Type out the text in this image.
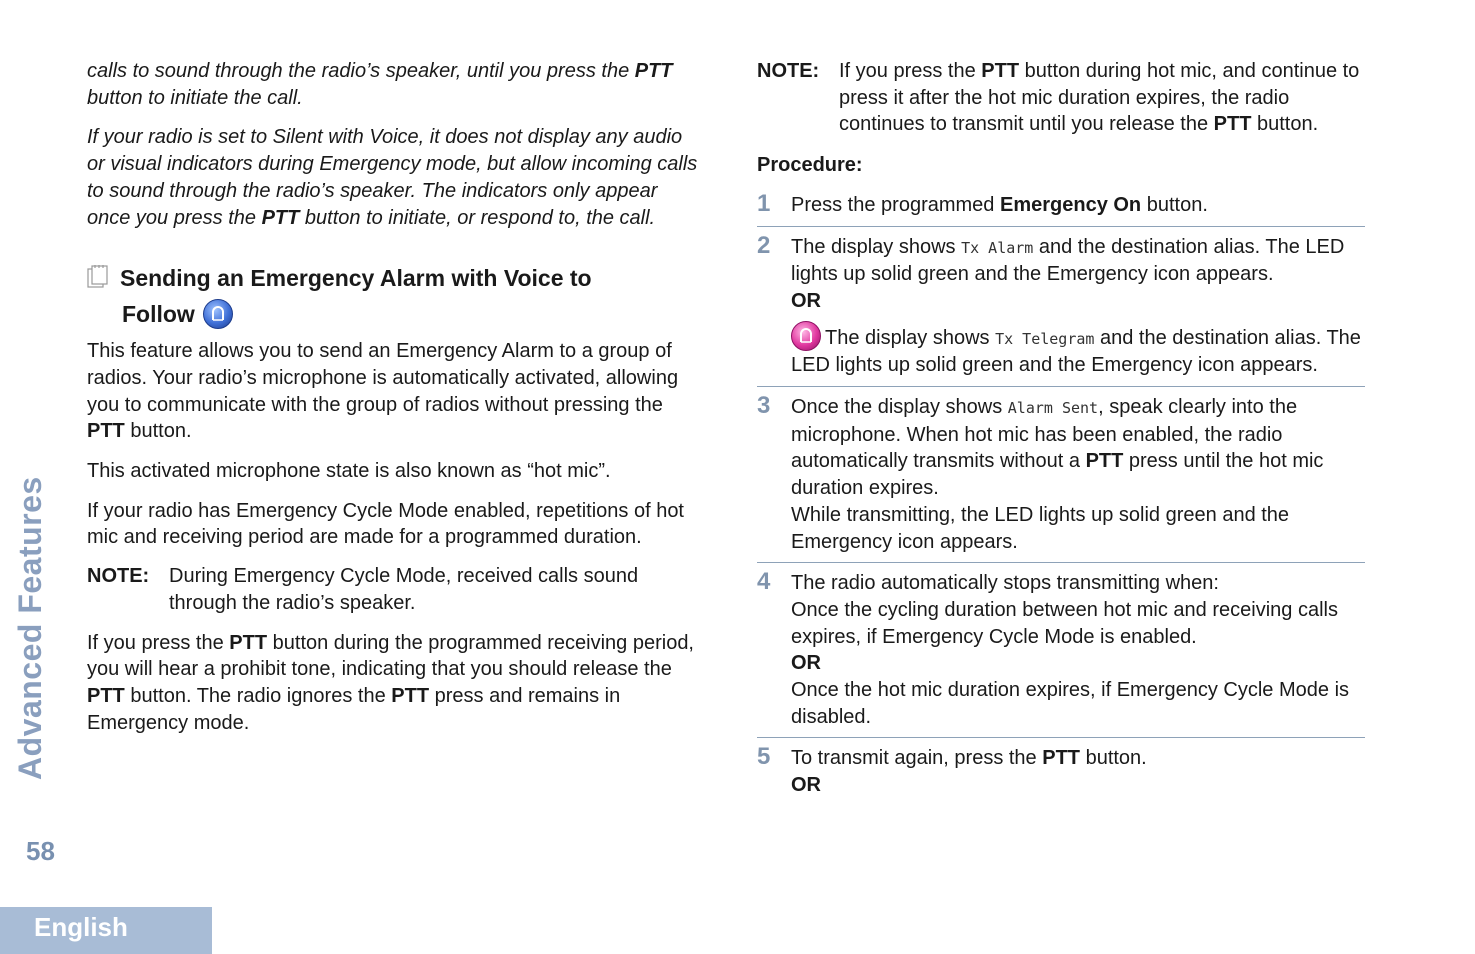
Advanced Features
58
English

calls to sound through the radio’s speaker, until you press the PTT button to initiate the call.

If your radio is set to Silent with Voice, it does not display any audio or visual indicators during Emergency mode, but allow incoming calls to sound through the radio’s speaker. The indicators only appear once you press the PTT button to initiate, or respond to, the call.

Sending an Emergency Alarm with Voice to
Follow

This feature allows you to send an Emergency Alarm to a group of radios. Your radio’s microphone is automatically activated, allowing you to communicate with the group of radios without pressing the PTT button.

This activated microphone state is also known as “hot mic”.

If your radio has Emergency Cycle Mode enabled, repetitions of hot mic and receiving period are made for a programmed duration.

NOTE: During Emergency Cycle Mode, received calls sound through the radio’s speaker.

If you press the PTT button during the programmed receiving period, you will hear a prohibit tone, indicating that you should release the PTT button. The radio ignores the PTT press and remains in Emergency mode.

NOTE: If you press the PTT button during hot mic, and continue to press it after the hot mic duration expires, the radio continues to transmit until you release the PTT button.

Procedure:

1	Press the programmed Emergency On button.
2	The display shows Tx Alarm and the destination alias. The LED lights up solid green and the Emergency icon appears.
OR
The display shows Tx Telegram and the destination alias. The LED lights up solid green and the Emergency icon appears.
3	Once the display shows Alarm Sent, speak clearly into the microphone. When hot mic has been enabled, the radio automatically transmits without a PTT press until the hot mic duration expires.
While transmitting, the LED lights up solid green and the Emergency icon appears.
4	The radio automatically stops transmitting when:
Once the cycling duration between hot mic and receiving calls expires, if Emergency Cycle Mode is enabled.
OR
Once the hot mic duration expires, if Emergency Cycle Mode is disabled.
5	To transmit again, press the PTT button.
OR
